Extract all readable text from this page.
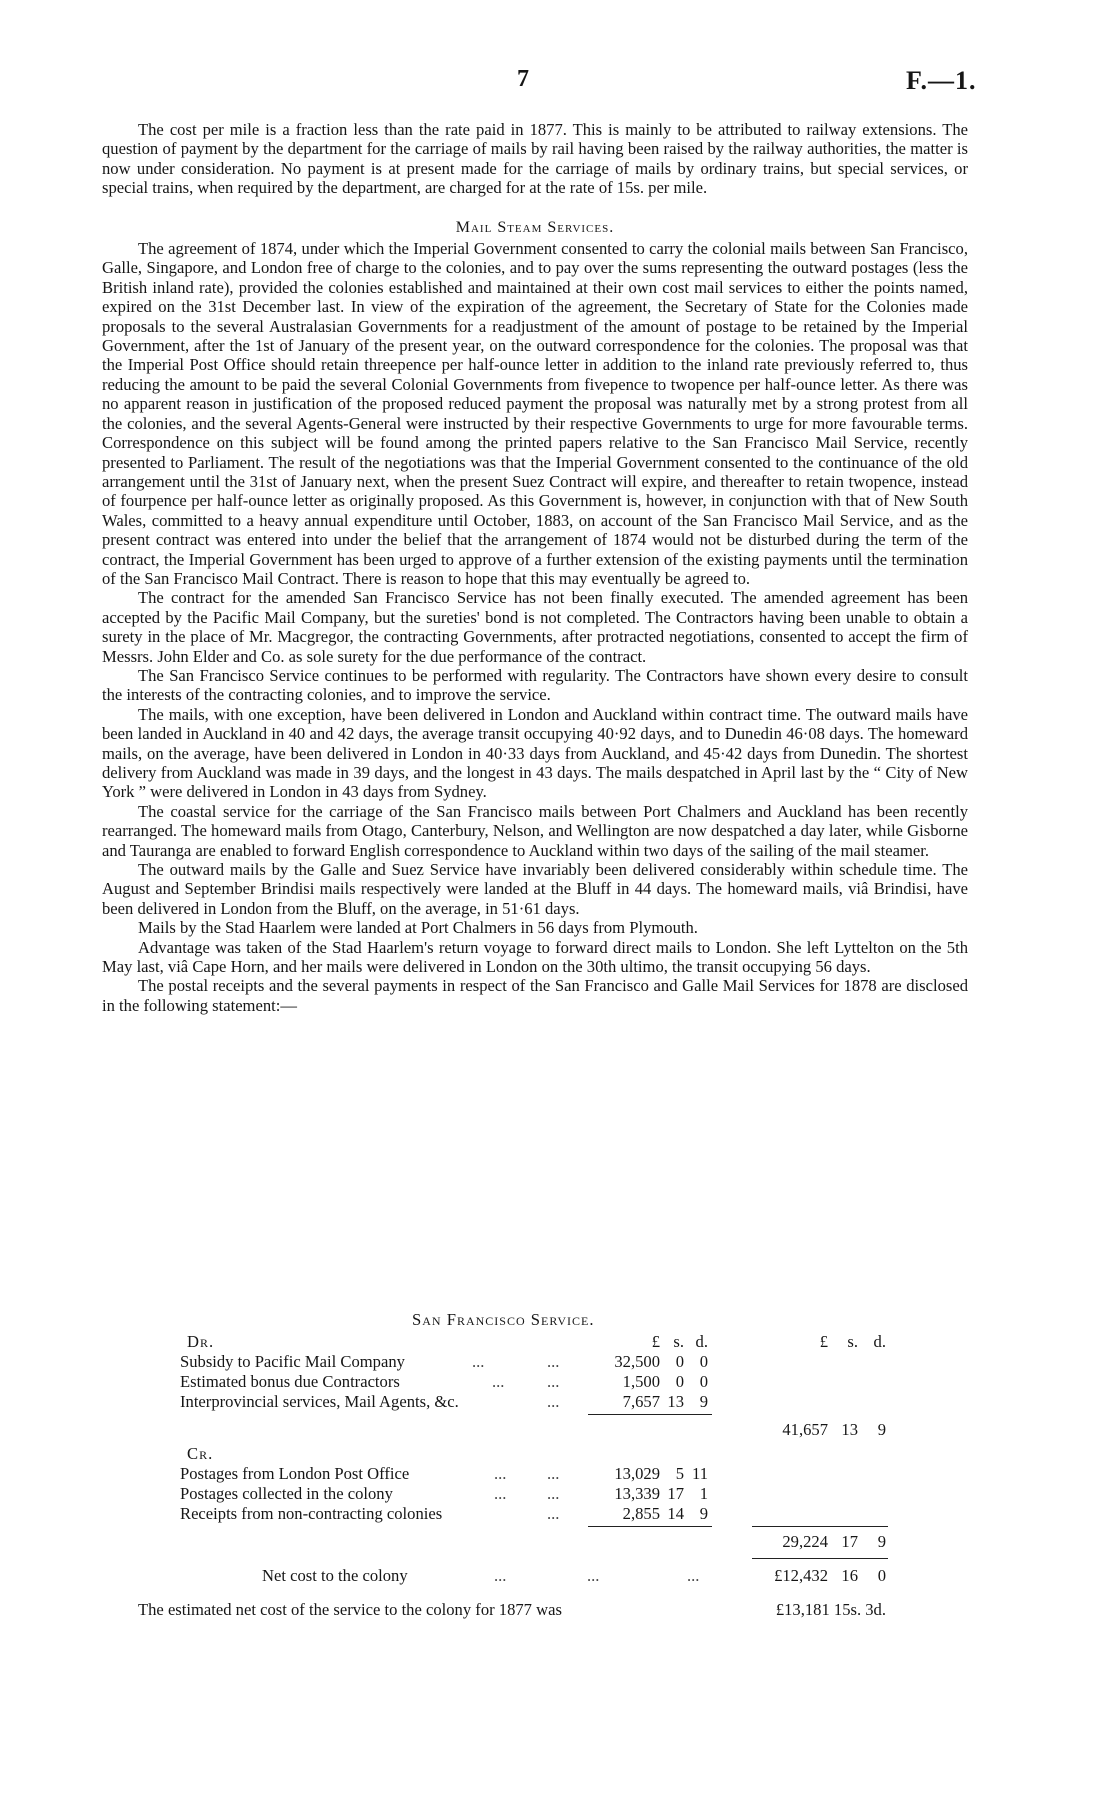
7	F.—1.

The cost per mile is a fraction less than the rate paid in 1877. This is mainly to be attributed to railway extensions. The question of payment by the department for the carriage of mails by rail having been raised by the railway authorities, the matter is now under consideration. No payment is at present made for the carriage of mails by ordinary trains, but special services, or special trains, when required by the department, are charged for at the rate of 15s. per mile.

Mail Steam Services.

The agreement of 1874, under which the Imperial Government consented to carry the colonial mails between San Francisco, Galle, Singapore, and London free of charge to the colonies, and to pay over the sums representing the outward postages (less the British inland rate), provided the colonies established and maintained at their own cost mail services to either the points named, expired on the 31st December last. In view of the expiration of the agreement, the Secretary of State for the Colonies made proposals to the several Australasian Governments for a readjustment of the amount of postage to be retained by the Imperial Government, after the 1st of January of the present year, on the outward correspondence for the colonies. The proposal was that the Imperial Post Office should retain threepence per half-ounce letter in addition to the inland rate previously referred to, thus reducing the amount to be paid the several Colonial Governments from fivepence to twopence per half-ounce letter. As there was no apparent reason in justification of the proposed reduced payment the proposal was naturally met by a strong protest from all the colonies, and the several Agents-General were instructed by their respective Governments to urge for more favourable terms. Correspondence on this subject will be found among the printed papers relative to the San Francisco Mail Service, recently presented to Parliament. The result of the negotiations was that the Imperial Government consented to the continuance of the old arrangement until the 31st of January next, when the present Suez Contract will expire, and thereafter to retain twopence, instead of fourpence per half-ounce letter as originally proposed. As this Government is, however, in conjunction with that of New South Wales, committed to a heavy annual expenditure until October, 1883, on account of the San Francisco Mail Service, and as the present contract was entered into under the belief that the arrangement of 1874 would not be disturbed during the term of the contract, the Imperial Government has been urged to approve of a further extension of the existing payments until the termination of the San Francisco Mail Contract. There is reason to hope that this may eventually be agreed to.

The contract for the amended San Francisco Service has not been finally executed. The amended agreement has been accepted by the Pacific Mail Company, but the sureties' bond is not completed. The Contractors having been unable to obtain a surety in the place of Mr. Macgregor, the contracting Governments, after protracted negotiations, consented to accept the firm of Messrs. John Elder and Co. as sole surety for the due performance of the contract.

The San Francisco Service continues to be performed with regularity. The Contractors have shown every desire to consult the interests of the contracting colonies, and to improve the service.

The mails, with one exception, have been delivered in London and Auckland within contract time. The outward mails have been landed in Auckland in 40 and 42 days, the average transit occupying 40·92 days, and to Dunedin 46·08 days. The homeward mails, on the average, have been delivered in London in 40·33 days from Auckland, and 45·42 days from Dunedin. The shortest delivery from Auckland was made in 39 days, and the longest in 43 days. The mails despatched in April last by the “ City of New York ” were delivered in London in 43 days from Sydney.

The coastal service for the carriage of the San Francisco mails between Port Chalmers and Auckland has been recently rearranged. The homeward mails from Otago, Canterbury, Nelson, and Wellington are now despatched a day later, while Gisborne and Tauranga are enabled to forward English correspondence to Auckland within two days of the sailing of the mail steamer.

The outward mails by the Galle and Suez Service have invariably been delivered considerably within schedule time. The August and September Brindisi mails respectively were landed at the Bluff in 44 days. The homeward mails, viâ Brindisi, have been delivered in London from the Bluff, on the average, in 51·61 days.

Mails by the Stad Haarlem were landed at Port Chalmers in 56 days from Plymouth.

Advantage was taken of the Stad Haarlem's return voyage to forward direct mails to London. She left Lyttelton on the 5th May last, viâ Cape Horn, and her mails were delivered in London on the 30th ultimo, the transit occupying 56 days.

The postal receipts and the several payments in respect of the San Francisco and Galle Mail Services for 1878 are disclosed in the following statement:—

San Francisco Service.
Dr.	£ s. d.	£	s. d.
Subsidy to Pacific Mail Company	...	...	32,500 0 0
Estimated bonus due Contractors	...	...	1,500 0 0
Interprovincial services, Mail Agents, &c.	...	7,657 13 9
41,657 13	9
Cr.
Postages from London Post Office	... ...	13,029 5 11
Postages collected in the colony	... ...	13,339 17 1
Receipts from non-contracting colonies	...	2,855 14 9
29,224 17	9
Net cost to the colony	...	...	...	£12,432 16	0
The estimated net cost of the service to the colony for 1877 was	£13,181 15s. 3d.
